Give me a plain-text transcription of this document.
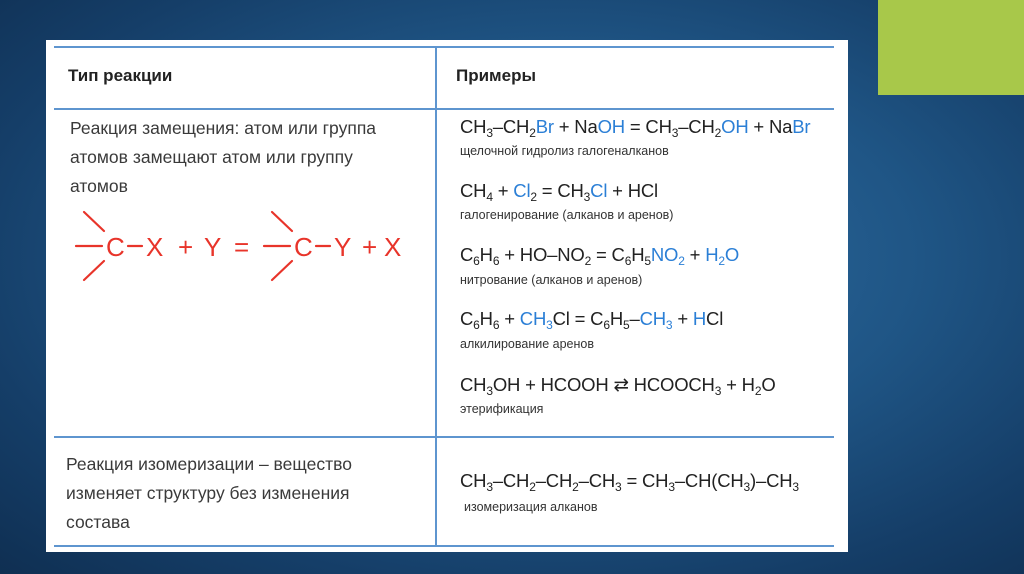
Тип реакции	Примеры
Реакция замещения: атом или группа атомов замещают атом или группу атомов
C X + Y = C Y + X
$CH_3-CH_2Br$ + NaOH = $CH_3-CH_2OH$ + NaBr
щелочной гидролиз галогеналканов
$CH_4 + Cl_2 = CH_3Cl$ + HCl
галогенирование (алканов и аренов)
$C_6H_6 + HO-NO_2 = C_6H_5NO_2 + H_2O$
нитрование (алканов и аренов)
$C_6H_6 + CH_3Cl = C_6H_5-CH_3$ + HCl
алкилирование аренов
$CH_3OH$ + HCOOH ⇄ $HCOOCH_3 + H_2O$
этерификация
Реакция изомеризации – вещество изменяет структуру без изменения состава
$CH_3-CH_2-CH_2-CH_3 = CH_3-CH(CH_3)-CH_3$
изомеризация алканов
